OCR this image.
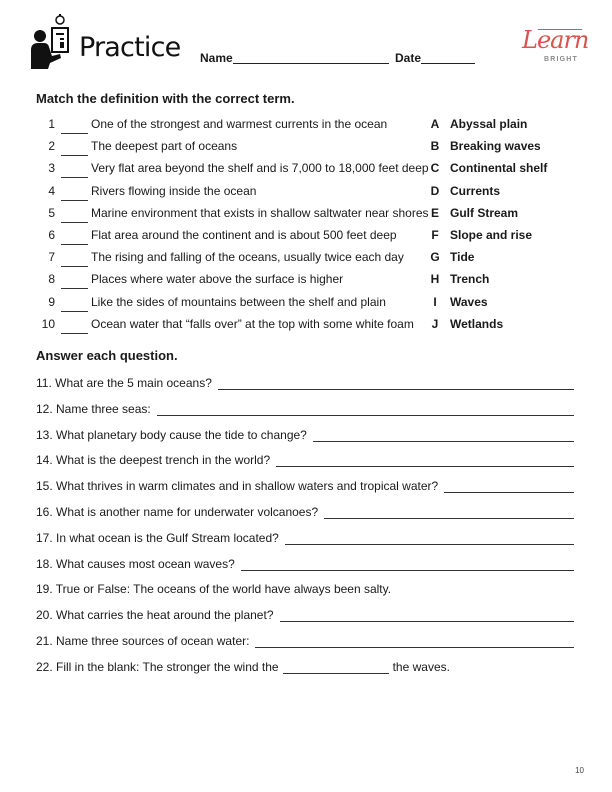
Practice Name	Date
Learn
BRIGHT
Match the definition with the correct term.
1	One of the strongest and warmest currents in the ocean	A Abyssal plain
2	The deepest part of oceans	B Breaking waves
3	Very flat area beyond the shelf and is 7,000 to 18,000 feet deep C Continental shelf
4	Rivers flowing inside the ocean	D Currents
5	Marine environment that exists in shallow saltwater near shores E Gulf Stream
6	Flat area around the continent and is about 500 feet deep	F Slope and rise
7	The rising and falling of the oceans, usually twice each day G Tide
8	Places where water above the surface is higher	H Trench
9	Like the sides of mountains between the shelf and plain	I	Waves
10	Ocean water that “falls over” at the top with some white foam J Wetlands
Answer each question.
11. What are the 5 main oceans?
12. Name three seas:
13. What planetary body cause the tide to change?
14. What is the deepest trench in the world?
15. What thrives in warm climates and in shallow waters and tropical water?
16. What is another name for underwater volcanoes?
17. In what ocean is the Gulf Stream located?
18. What causes most ocean waves?
19. True or False: The oceans of the world have always been salty.
20. What carries the heat around the planet?
21. Name three sources of ocean water:
22. Fill in the blank: The stronger the wind the	the waves.
10
